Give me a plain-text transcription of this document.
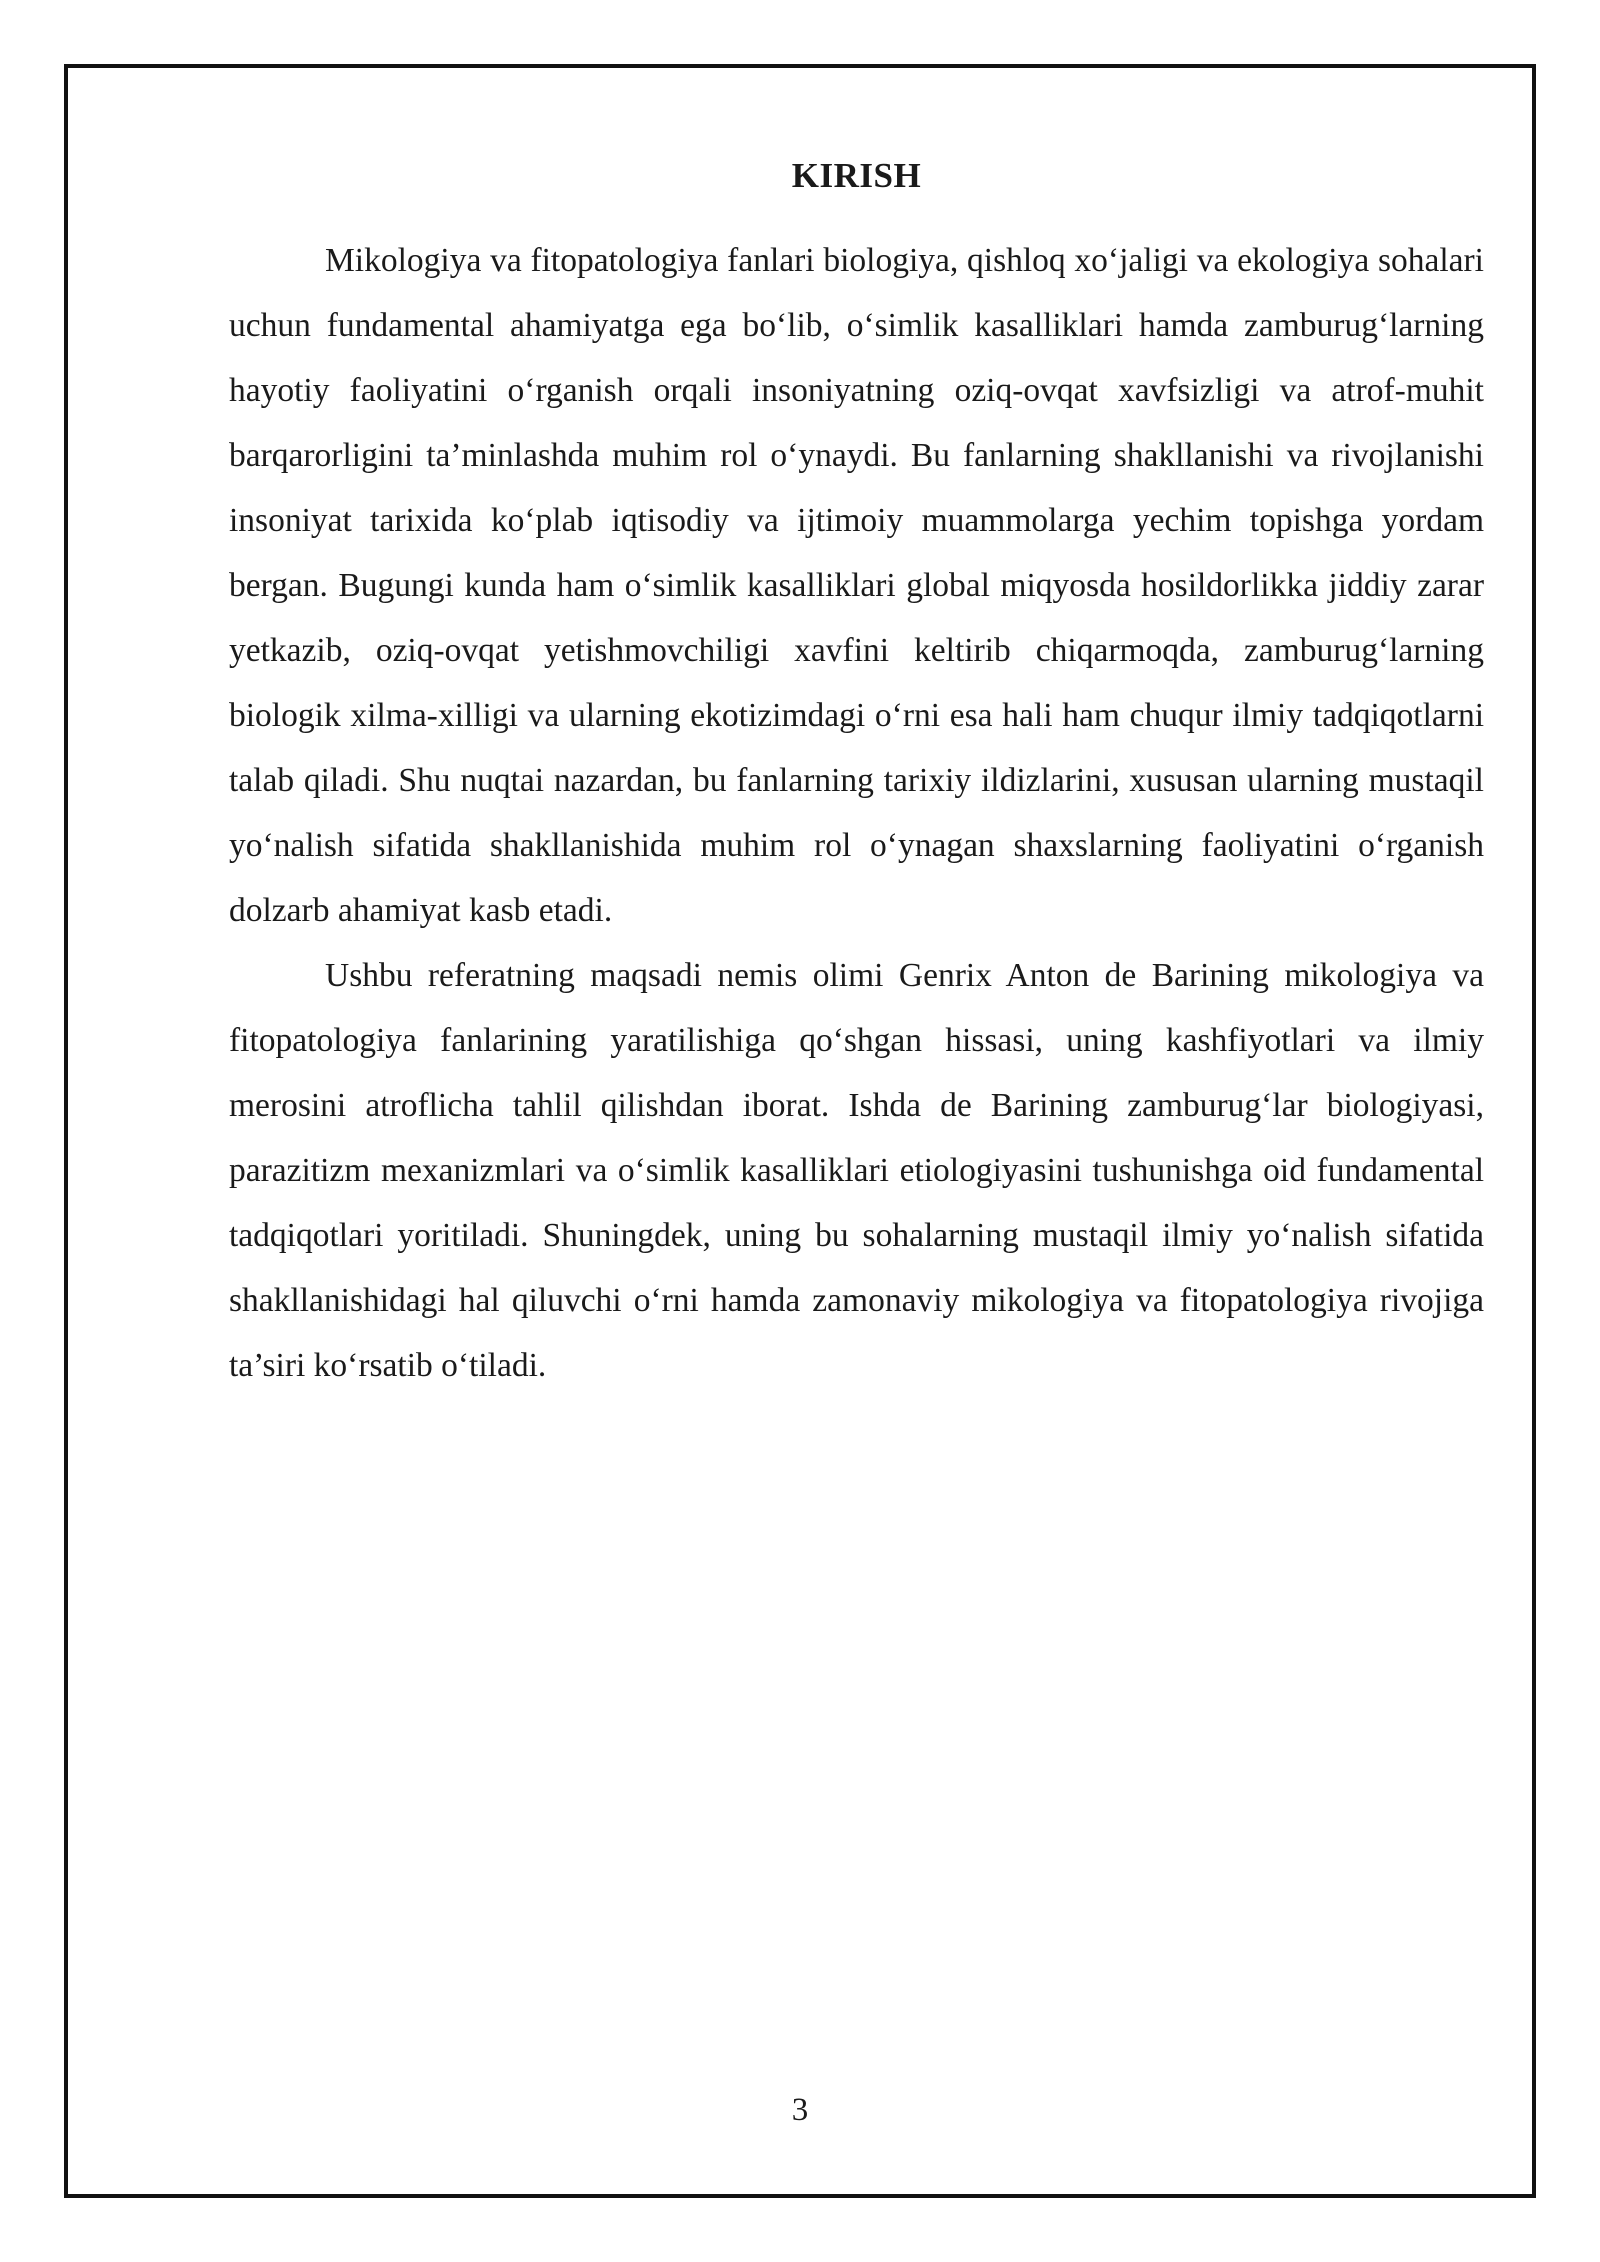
KIRISH

Mikologiya va fitopatologiya fanlari biologiya, qishloq xo‘jaligi va ekologiya sohalari uchun fundamental ahamiyatga ega bo‘lib, o‘simlik kasalliklari hamda zamburug‘larning hayotiy faoliyatini o‘rganish orqali insoniyatning oziq-ovqat xavfsizligi va atrof-muhit barqarorligini ta’minlashda muhim rol o‘ynaydi. Bu fanlarning shakllanishi va rivojlanishi insoniyat tarixida ko‘plab iqtisodiy va ijtimoiy muammolarga yechim topishga yordam bergan. Bugungi kunda ham o‘simlik kasalliklari global miqyosda hosildorlikka jiddiy zarar yetkazib, oziq-ovqat yetishmovchiligi xavfini keltirib chiqarmoqda, zamburug‘larning biologik xilma-xilligi va ularning ekotizimdagi o‘rni esa hali ham chuqur ilmiy tadqiqotlarni talab qiladi. Shu nuqtai nazardan, bu fanlarning tarixiy ildizlarini, xususan ularning mustaqil yo‘nalish sifatida shakllanishida muhim rol o‘ynagan shaxslarning faoliyatini o‘rganish dolzarb ahamiyat kasb etadi.

Ushbu referatning maqsadi nemis olimi Genrix Anton de Barining mikologiya va fitopatologiya fanlarining yaratilishiga qo‘shgan hissasi, uning kashfiyotlari va ilmiy merosini atroflicha tahlil qilishdan iborat. Ishda de Barining zamburug‘lar biologiyasi, parazitizm mexanizmlari va o‘simlik kasalliklari etiologiyasini tushunishga oid fundamental tadqiqotlari yoritiladi. Shuningdek, uning bu sohalarning mustaqil ilmiy yo‘nalish sifatida shakllanishidagi hal qiluvchi o‘rni hamda zamonaviy mikologiya va fitopatologiya rivojiga ta’siri ko‘rsatib o‘tiladi.

3
